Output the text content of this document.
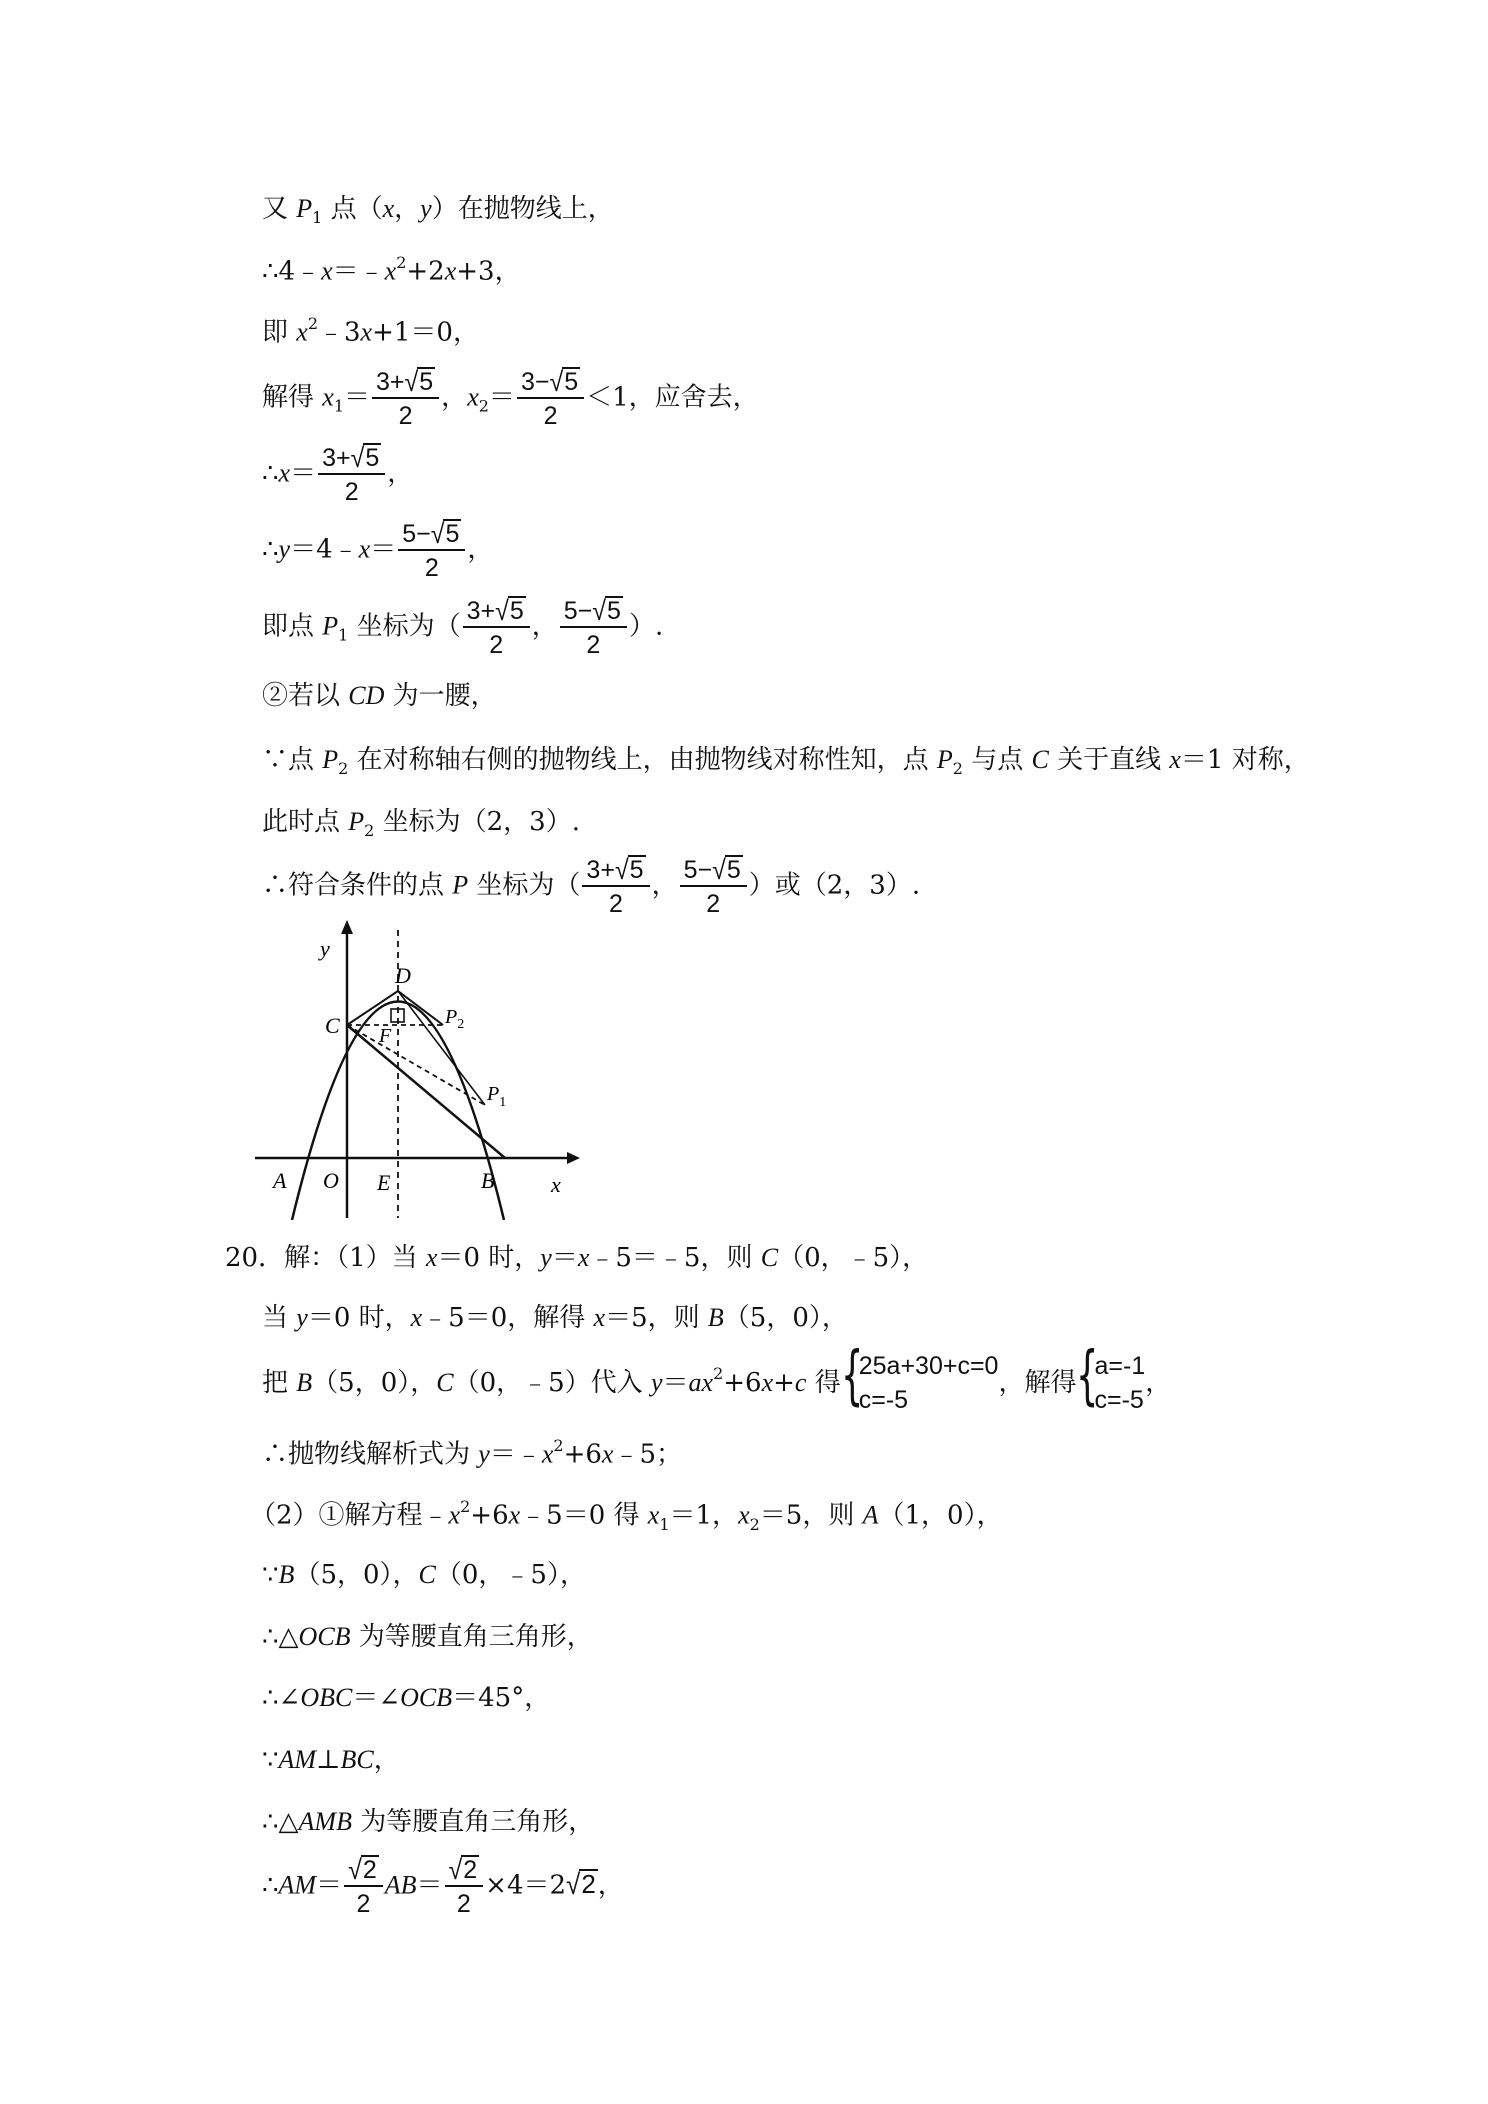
又 $P_1$ 点（x，y）在抛物线上，
$\therefore 4﹣x=﹣x^2+2x+3$，
即 $x^2﹣3x+1=0$，
解得 $x_1= \frac{3+√5}{2}$ ，$x_2= \frac{3-√5}{2} <1$，应舍去，
∴x＝ $\frac{3+√5}{2}$ ，
∴y＝4﹣x＝ $\frac{5-√5}{2}$ ，
即点 $P_1$ 坐标为（ $\frac{3+√5}{2}$ ， $\frac{5-√5}{2}$ ）.
②若以 CD 为一腰，
∵点 $P_2$ 在对称轴右侧的抛物线上，由抛物线对称性知，点 $P_2$ 与点 C 关于直线 x＝1 对称，
此时点 $P_2$ 坐标为（2，3）.
∴符合条件的点 P 坐标为（ $\frac{3+√5}{2}$ ， $\frac{5-√5}{2}$ ）或（2，3）.
y
x
A O E	B
C
D
F
$P_2$
$P_1$
20．解：（1）当 x＝0 时，y＝x﹣5＝﹣5，则 C（0，﹣5），
当 y＝0 时，x﹣5＝0，解得 x＝5，则 B（5，0），
把 B（5，0），C（0，﹣5）代入 $y=ax^2+6x+c$ 得 {
25a+30+c=0
c=-5
，解得 {
a=-1
c=-5
，
∴抛物线解析式为 $y=﹣x^2+6x﹣5$；
（2）①解方程$﹣x^2+6x﹣5=0$ 得 $x_1=1$，$x_2=5$，则 A（1，0），
∵B（5，0），C（0，﹣5），
∴△OCB 为等腰直角三角形，
∴∠OBC＝∠OCB＝45°，
∵AM⊥BC，
∴△AMB 为等腰直角三角形，
∴AM＝ $\frac{√2}{2} AB= \frac{√2}{2} \times 4=2√2$，
